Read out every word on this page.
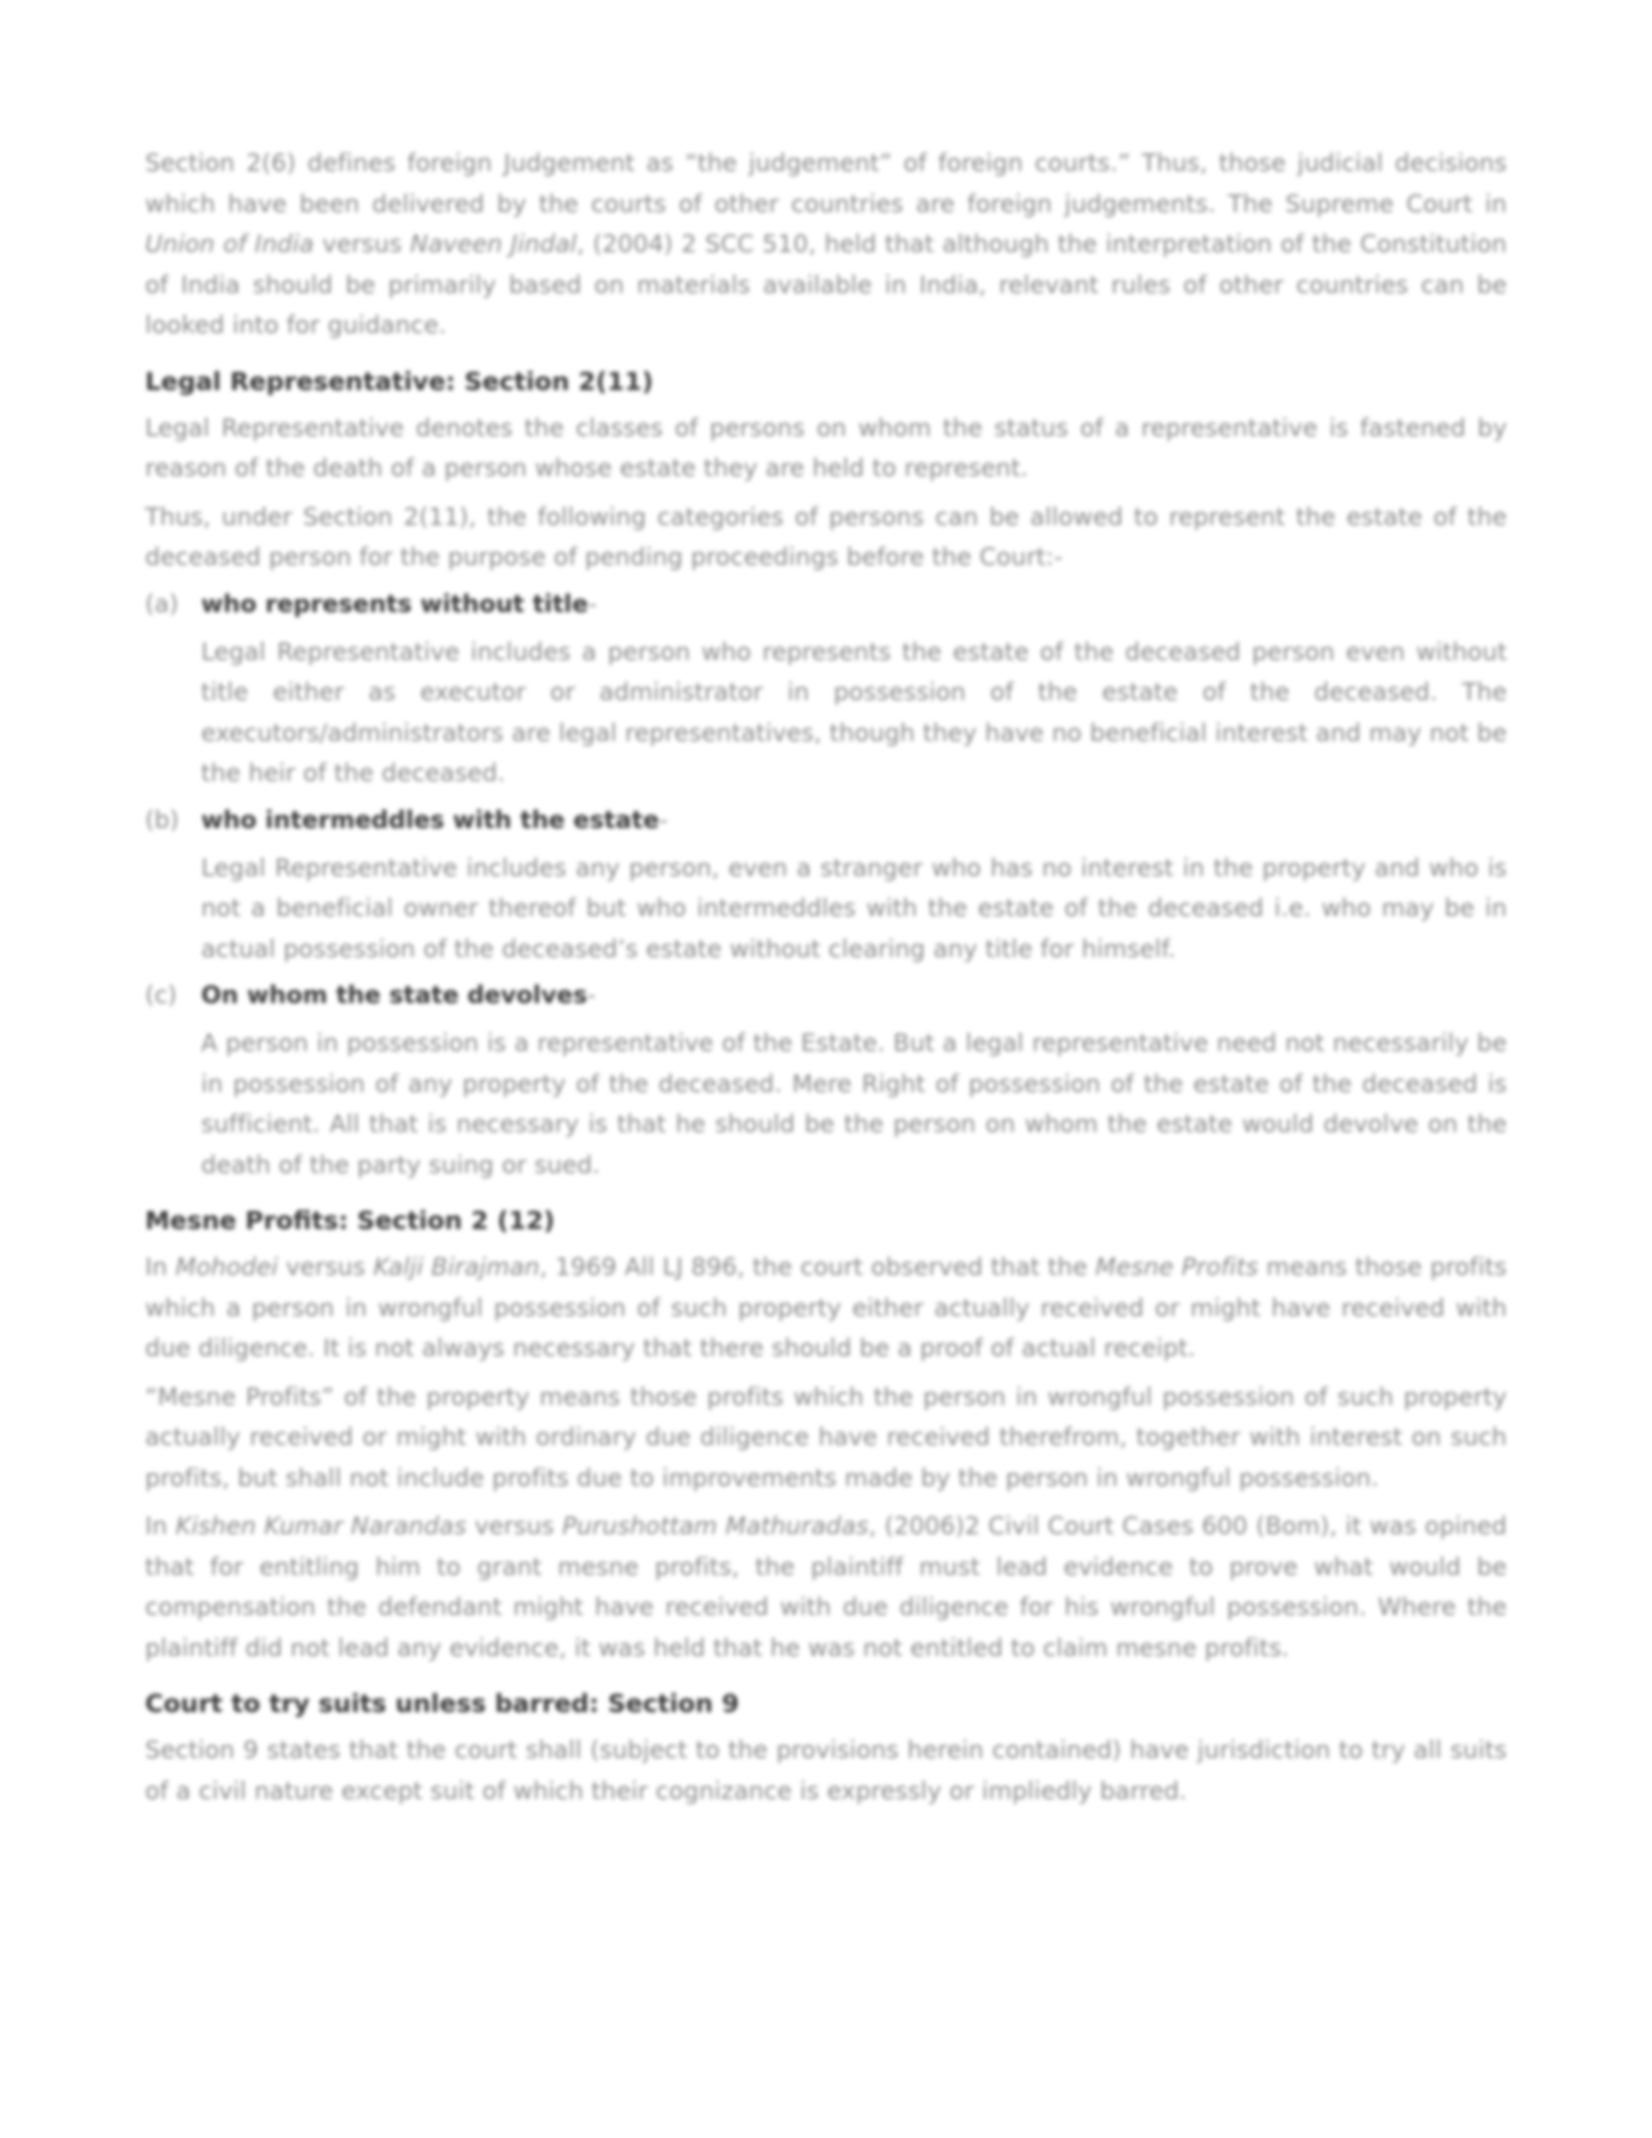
Section 2(6) defines foreign Judgement as “the judgement” of foreign courts.” Thus, those judicial decisions which have been delivered by the courts of other countries are foreign judgements. The Supreme Court in Union of India versus Naveen Jindal, (2004) 2 SCC 510, held that although the interpretation of the Constitution of India should be primarily based on materials available in India, relevant rules of other countries can be looked into for guidance.

Legal Representative: Section 2(11)

Legal Representative denotes the classes of persons on whom the status of a representative is fastened by reason of the death of a person whose estate they are held to represent.

Thus, under Section 2(11), the following categories of persons can be allowed to represent the estate of the deceased person for the purpose of pending proceedings before the Court:-

(a) who represents without title-

Legal Representative includes a person who represents the estate of the deceased person even without title either as executor or administrator in possession of the estate of the deceased. The executors/administrators are legal representatives, though they have no beneficial interest and may not be the heir of the deceased.

(b) who intermeddles with the estate-

Legal Representative includes any person, even a stranger who has no interest in the property and who is not a beneficial owner thereof but who intermeddles with the estate of the deceased i.e. who may be in actual possession of the deceased’s estate without clearing any title for himself.

(c)	On whom the state devolves-

A person in possession is a representative of the Estate. But a legal representative need not necessarily be in possession of any property of the deceased. Mere Right of possession of the estate of the deceased is sufficient. All that is necessary is that he should be the person on whom the estate would devolve on the death of the party suing or sued.

Mesne Profits: Section 2 (12)

In Mohodei versus Kalji Birajman, 1969 All LJ 896, the court observed that the Mesne Profits means those profits which a person in wrongful possession of such property either actually received or might have received with due diligence. It is not always necessary that there should be a proof of actual receipt.

“Mesne Profits” of the property means those profits which the person in wrongful possession of such property actually received or might with ordinary due diligence have received therefrom, together with interest on such profits, but shall not include profits due to improvements made by the person in wrongful possession.

In Kishen Kumar Narandas versus Purushottam Mathuradas, (2006)2 Civil Court Cases 600 (Bom), it was opined that for entitling him to grant mesne profits, the plaintiff must lead evidence to prove what would be compensation the defendant might have received with due diligence for his wrongful possession. Where the plaintiff did not lead any evidence, it was held that he was not entitled to claim mesne profits.

Court to try suits unless barred: Section 9

Section 9 states that the court shall (subject to the provisions herein contained) have jurisdiction to try all suits of a civil nature except suit of which their cognizance is expressly or impliedly barred.
